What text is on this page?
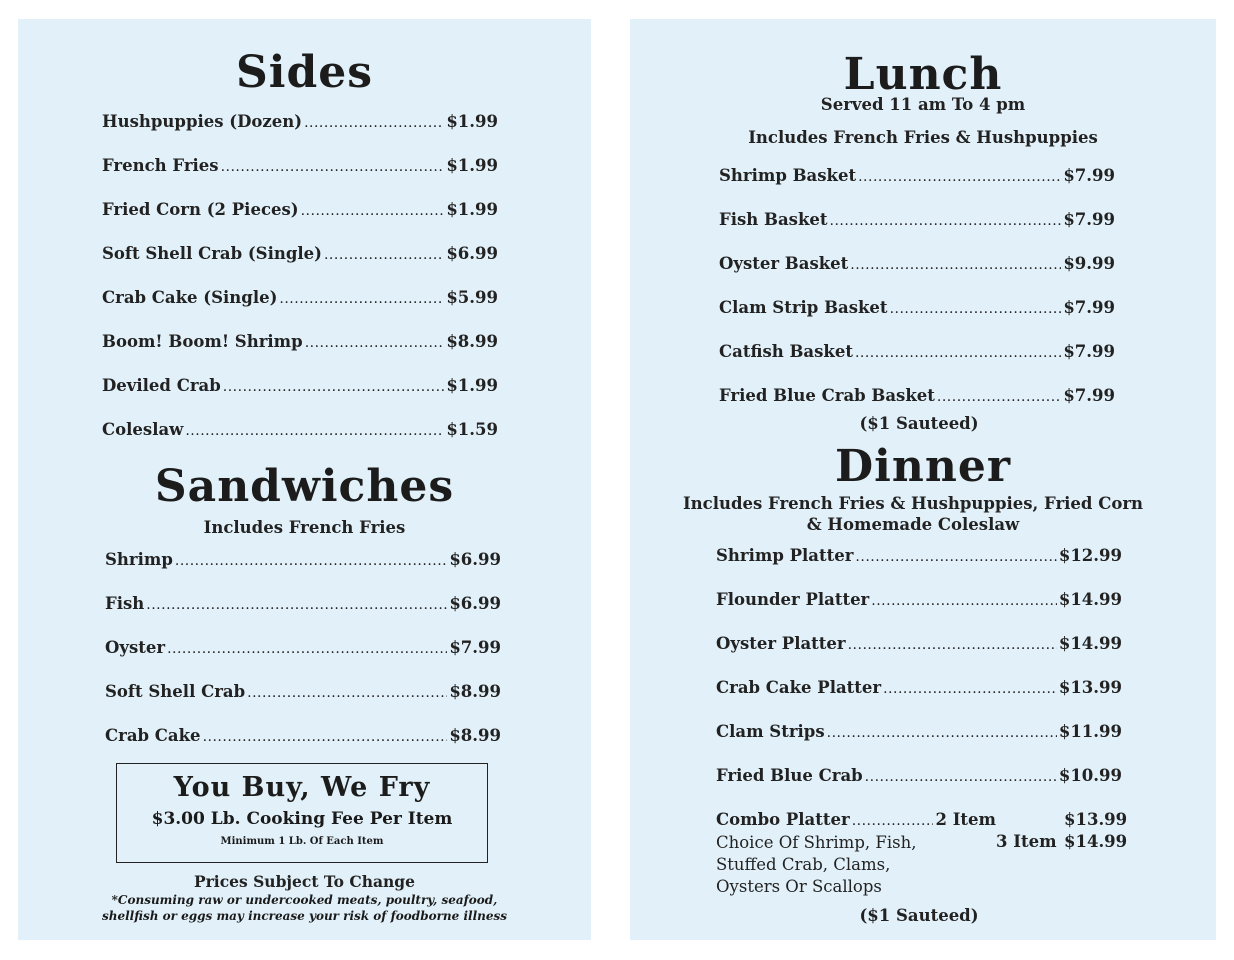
Sides
Hushpuppies (Dozen) .....	$1.99
French Fries .....	$1.99
Fried Corn (2 Pieces) .....	$1.99
Soft Shell Crab (Single) .....	$6.99
Crab Cake (Single) .....	$5.99
Boom! Boom! Shrimp .....	$8.99
Deviled Crab .....	$1.99
Coleslaw .....	$1.59
Sandwiches
Includes French Fries
Shrimp .....	$6.99
Fish .....	$6.99
Oyster .....	$7.99
Soft Shell Crab .....	$8.99
Crab Cake .....	$8.99
You Buy, We Fry
$3.00 Lb. Cooking Fee Per Item
Minimum 1 Lb. Of Each Item
Prices Subject To Change
*Consuming raw or undercooked meats, poultry, seafood,
shellfish or eggs may increase your risk of foodborne illness
Lunch
Served 11 am To 4 pm
Includes French Fries & Hushpuppies
Shrimp Basket .....	$7.99
Fish Basket .....	$7.99
Oyster Basket .....	$9.99
Clam Strip Basket .....	$7.99
Catfish Basket .....	$7.99
Fried Blue Crab Basket .....	$7.99
($1 Sauteed)
Dinner
Includes French Fries & Hushpuppies, Fried Corn
& Homemade Coleslaw
Shrimp Platter .....	$12.99
Flounder Platter .....	$14.99
Oyster Platter .....	$14.99
Crab Cake Platter .....	$13.99
Clam Strips .....	$11.99
Fried Blue Crab .....	$10.99
Combo Platter .....	2 Item	$13.99
3 Item $14.99
Choice Of Shrimp, Fish,
Stuffed Crab, Clams,
Oysters Or Scallops
($1 Sauteed)
